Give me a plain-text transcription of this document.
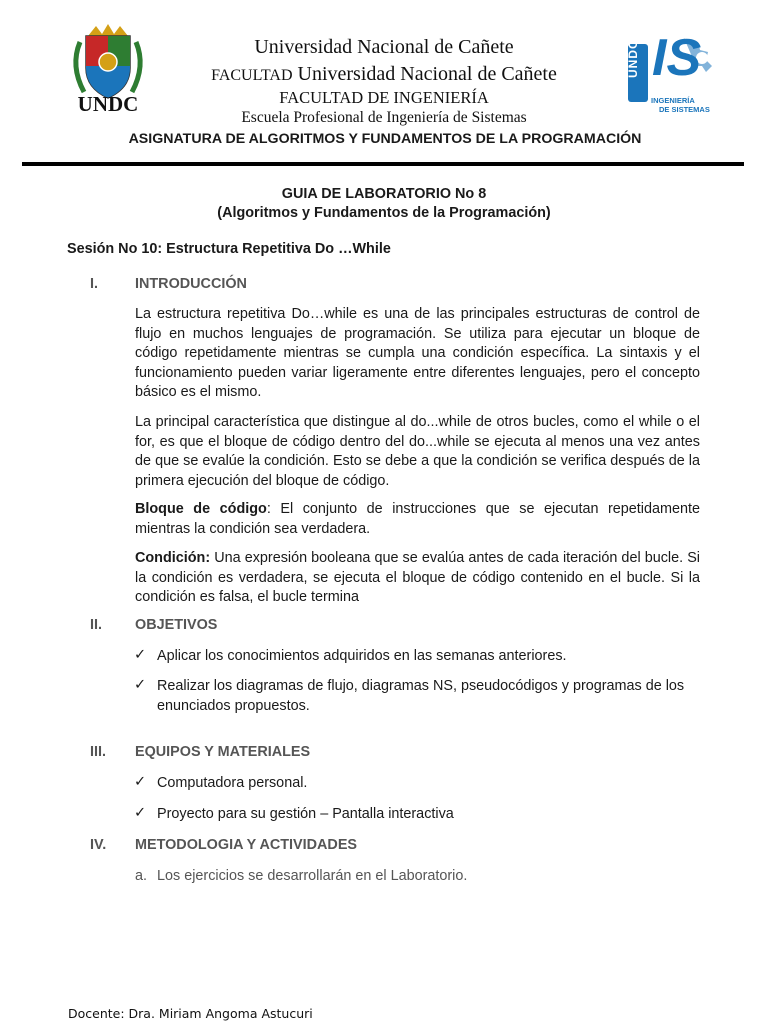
UNDC
UNDC IS
INGENIERÍA
DE SISTEMAS
Universidad Nacional de Cañete
FACULTAD Universidad Nacional de Cañete
FACULTAD DE INGENIERÍA
Escuela Profesional de Ingeniería de Sistemas
ASIGNATURA DE ALGORITMOS Y FUNDAMENTOS DE LA PROGRAMACIÓN
GUIA DE LABORATORIO No 8
(Algoritmos y Fundamentos de la Programación)
Sesión No 10: Estructura Repetitiva Do …While
I.	INTRODUCCIÓN
La estructura repetitiva Do…while es una de las principales estructuras de control de flujo en muchos lenguajes de programación. Se utiliza para ejecutar un bloque de código repetidamente mientras se cumpla una condición específica. La sintaxis y el funcionamiento pueden variar ligeramente entre diferentes lenguajes, pero el concepto básico es el mismo.
La principal característica que distingue al do...while de otros bucles, como el while o el for, es que el bloque de código dentro del do...while se ejecuta al menos una vez antes de que se evalúe la condición. Esto se debe a que la condición se verifica después de la primera ejecución del bloque de código.
Bloque de código: El conjunto de instrucciones que se ejecutan repetidamente mientras la condición sea verdadera.
Condición: Una expresión booleana que se evalúa antes de cada iteración del bucle. Si la condición es verdadera, se ejecuta el bloque de código contenido en el bucle. Si la condición es falsa, el bucle termina
II. OBJETIVOS
✓ Aplicar los conocimientos adquiridos en las semanas anteriores.
✓ Realizar los diagramas de flujo, diagramas NS, pseudocódigos y programas de los enunciados propuestos.
III. EQUIPOS Y MATERIALES
✓ Computadora personal.
✓ Proyecto para su gestión – Pantalla interactiva
IV. METODOLOGIA Y ACTIVIDADES
a. Los ejercicios se desarrollarán en el Laboratorio.
Docente: Dra. Miriam Angoma Astucuri
